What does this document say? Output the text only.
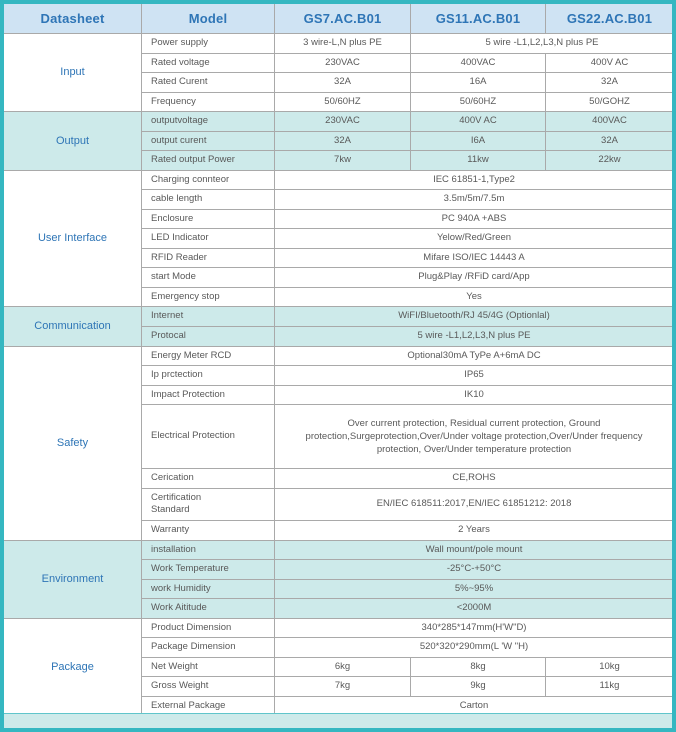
Datasheet	Model	GS7.AC.B01	GS11.AC.B01	GS22.AC.B01
Input	Power supply	3 wire-L,N plus PE	5 wire -L1,L2,L3,N plus PE	
	Rated voltage	230VAC	400VAC	400V AC
	Rated Curent	32A	16A	32A
	Frequency	50/60HZ	50/60HZ	50/GOHZ
Output	outputvoltage	230VAC	400V AC	400VAC
	output curent	32A	I6A	32A
	Rated output Power	7kw	11kw	22kw
User Interface	Charging connteor	IEC 61851-1,Type2		
	cable length	3.5m/5m/7.5m		
	Enclosure	PC 940A +ABS		
	LED Indicator	Yelow/Red/Green		
	RFID Reader	Mifare ISO/IEC 14443 A		
	start Mode	Plug&Play /RFiD card/App		
	Emergency stop	Yes		
Communication	Internet	WiFI/Bluetooth/RJ 45/4G (Optionlal)		
	Protocal	5 wire -L1,L2,L3,N plus PE		
Safety	Energy Meter RCD	Optional30mA TyPe A+6mA DC		
	Ip prctection	IP65		
	Impact Protection	IK10		
	Electrical Protection	Over current protection, Residual current protection, Ground protection,Surgeprotection,Over/Under voltage protection,Over/Under frequency protection, Over/Under temperature protection		
	Cerication	CE,ROHS		
	Certification Standard	EN/IEC 618511:2017,EN/IEC 61851212: 2018		
	Warranty	2 Years		
Environment	installation	Wall mount/pole mount		
	Work Temperature	-25°C-+50°C		
	work Humidity	5%~95%		
	Work Aititude	<2000M		
Package	Product Dimension	340*285*147mm(H'W"D)		
	Package Dimension	520*320*290mm(L 'W "H)		
	Net Weight	6kg	8kg	10kg
	Gross Weight	7kg	9kg	11kg
	External Package	Carton		
